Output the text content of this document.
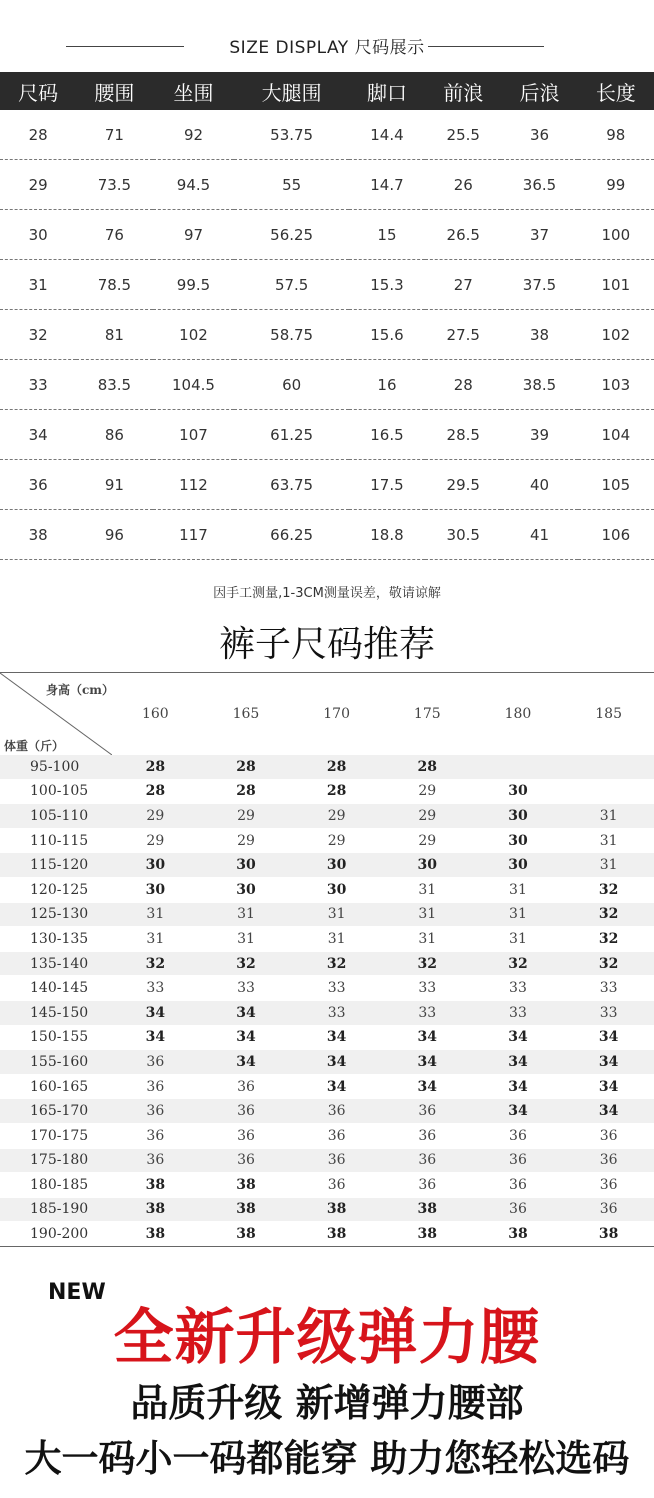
SIZE DISPLAY 尺码展示
尺码	腰围	坐围	大腿围	脚口	前浪	后浪	长度
28	71	92	53.75	14.4	25.5	36	98
29	73.5	94.5	55	14.7	26	36.5	99
30	76	97	56.25	15	26.5	37	100
31	78.5	99.5	57.5	15.3	27	37.5	101
32	81	102	58.75	15.6	27.5	38	102
33	83.5	104.5	60	16	28	38.5	103
34	86	107	61.25	16.5	28.5	39	104
36	91	112	63.75	17.5	29.5	40	105
38	96	117	66.25	18.8	30.5	41	106
因手工测量,1-3CM测量误差，敬请谅解
裤子尺码推荐
身高（cm）
体重（斤）	160	165	170	175	180	185
95-100	28	28	28	28		
100-105	28	28	28	29	30	
105-110	29	29	29	29	30	31
110-115	29	29	29	29	30	31
115-120	30	30	30	30	30	31
120-125	30	30	30	31	31	32
125-130	31	31	31	31	31	32
130-135	31	31	31	31	31	32
135-140	32	32	32	32	32	32
140-145	33	33	33	33	33	33
145-150	34	34	33	33	33	33
150-155	34	34	34	34	34	34
155-160	36	34	34	34	34	34
160-165	36	36	34	34	34	34
165-170	36	36	36	36	34	34
170-175	36	36	36	36	36	36
175-180	36	36	36	36	36	36
180-185	38	38	36	36	36	36
185-190	38	38	38	38	36	36
190-200	38	38	38	38	38	38
NEW
全新升级弹力腰
品质升级 新增弹力腰部
大一码小一码都能穿 助力您轻松选码
